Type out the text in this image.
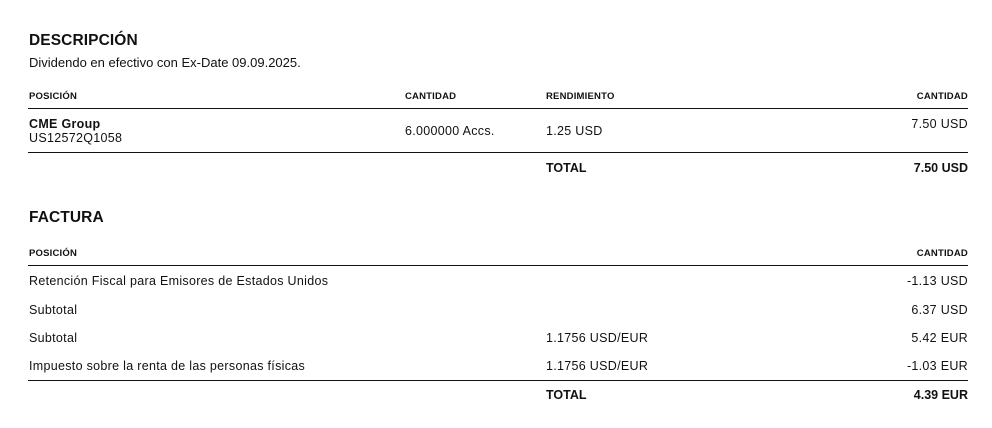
DESCRIPCIÓN
Dividendo en efectivo con Ex-Date 09.09.2025.
POSICIÓN	CANTIDAD	RENDIMIENTO	CANTIDAD
CME Group
US12572Q1058	6.000000 Accs.	1.25 USD	7.50 USD
TOTAL	7.50 USD
FACTURA
POSICIÓN	CANTIDAD
Retención Fiscal para Emisores de Estados Unidos	-1.13 USD
Subtotal	6.37 USD
Subtotal	1.1756 USD/EUR	5.42 EUR
Impuesto sobre la renta de las personas físicas	1.1756 USD/EUR	-1.03 EUR
TOTAL	4.39 EUR
